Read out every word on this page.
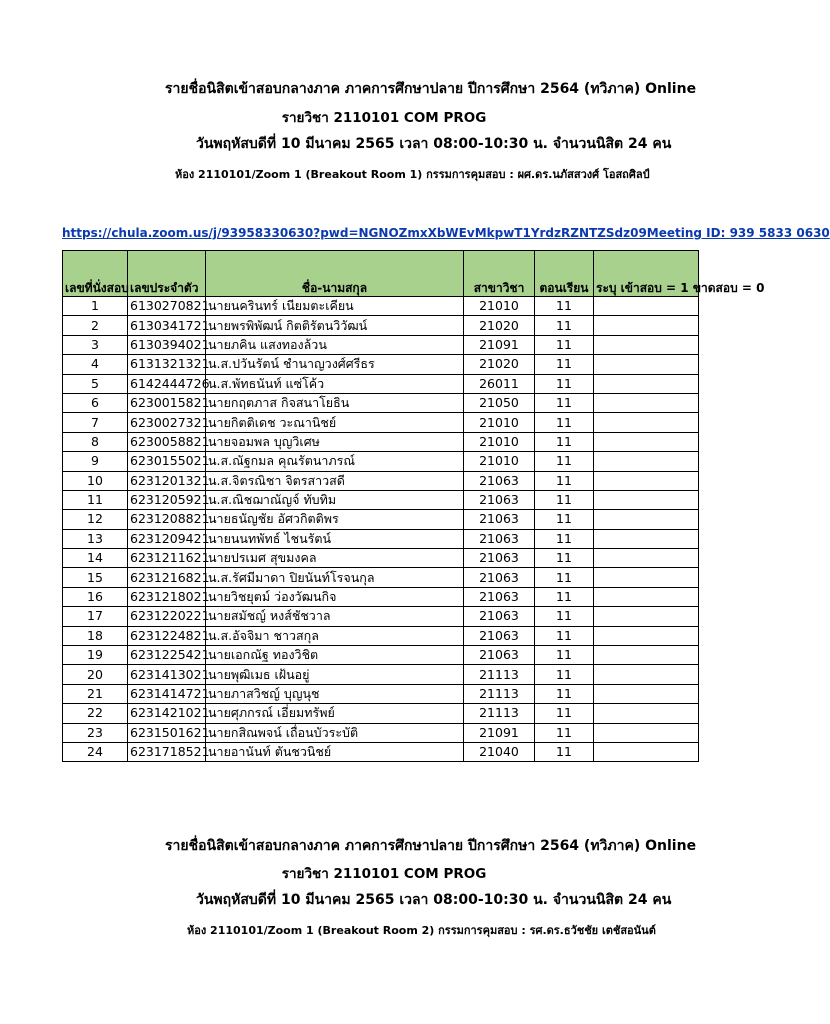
รายชื่อนิสิตเข้าสอบกลางภาค ภาคการศึกษาปลาย ปีการศึกษา 2564 (ทวิภาค) Online
รายวิชา 2110101 COM PROG
วันพฤหัสบดีที่ 10 มีนาคม 2565 เวลา 08:00-10:30 น. จำนวนนิสิต 24 คน
ห้อง 2110101/Zoom 1 (Breakout Room 1) กรรมการคุมสอบ : ผศ.ดร.นภัสสวงศ์ โอสถศิลป์
https://chula.zoom.us/j/93958330630?pwd=NGNOZmxXbWEvMkpwT1YrdzRZNTZSdz09Meeting ID: 939 5833 0630
เลขที่นั่งสอบ	เลขประจำตัว	ชื่อ-นามสกุล	สาขาวิชา	ตอนเรียน	ระบุ เข้าสอบ = 1 ขาดสอบ = 0
1	6130270821	นายนครินทร์ เนียมตะเคียน	21010	11	
2	6130341721	นายพรพิพัฒน์ กิตติรัตนวิวัฒน์	21020	11	
3	6130394021	นายภคิน แสงทองล้วน	21091	11	
4	6131321321	น.ส.ปวันรัตน์ ชำนาญวงศ์ศรีธร	21020	11	
5	6142444726	น.ส.พัทธนันท์ แซ่โค้ว	26011	11	
6	6230015821	นายกฤตภาส กิจสนาโยธิน	21050	11	
7	6230027321	นายกิตติเดช วะณานิชย์	21010	11	
8	6230058821	นายจอมพล บุญวิเศษ	21010	11	
9	6230155021	น.ส.ณัฐกมล คุณรัตนาภรณ์	21010	11	
10	6231201321	น.ส.จิตรณิชา จิตรสาวสดี	21063	11	
11	6231205921	น.ส.ณิชฌาณัญจ์ ทับทิม	21063	11	
12	6231208821	นายธนัญชัย อัศวกิตติพร	21063	11	
13	6231209421	นายนนทพัทธ์ ไชนรัตน์	21063	11	
14	6231211621	นายปรเมศ สุขมงคล	21063	11	
15	6231216821	น.ส.รัศมีมาดา ปิยนันท์โรจนกุล	21063	11	
16	6231218021	นายวิชยุตม์ ว่องวัฒนกิจ	21063	11	
17	6231220221	นายสมัชญ์ หงส์ชัชวาล	21063	11	
18	6231224821	น.ส.อัจจิมา ชาวสกุล	21063	11	
19	6231225421	นายเอกณัฐ ทองวิชิต	21063	11	
20	6231413021	นายพุฒิเมธ เฝ้นอยู่	21113	11	
21	6231414721	นายภาสวิชญ์ บุญนุช	21113	11	
22	6231421021	นายศุภกรณ์ เอี่ยมทรัพย์	21113	11	
23	6231501621	นายกสิณพจน์ เถื่อนบัวระบัติ	21091	11	
24	6231718521	นายอานันท์ ตันชวนิชย์	21040	11	
รายชื่อนิสิตเข้าสอบกลางภาค ภาคการศึกษาปลาย ปีการศึกษา 2564 (ทวิภาค) Online
รายวิชา 2110101 COM PROG
วันพฤหัสบดีที่ 10 มีนาคม 2565 เวลา 08:00-10:30 น. จำนวนนิสิต 24 คน
ห้อง 2110101/Zoom 1 (Breakout Room 2) กรรมการคุมสอบ : รศ.ดร.ธวัชชัย เตชัสอนันต์
